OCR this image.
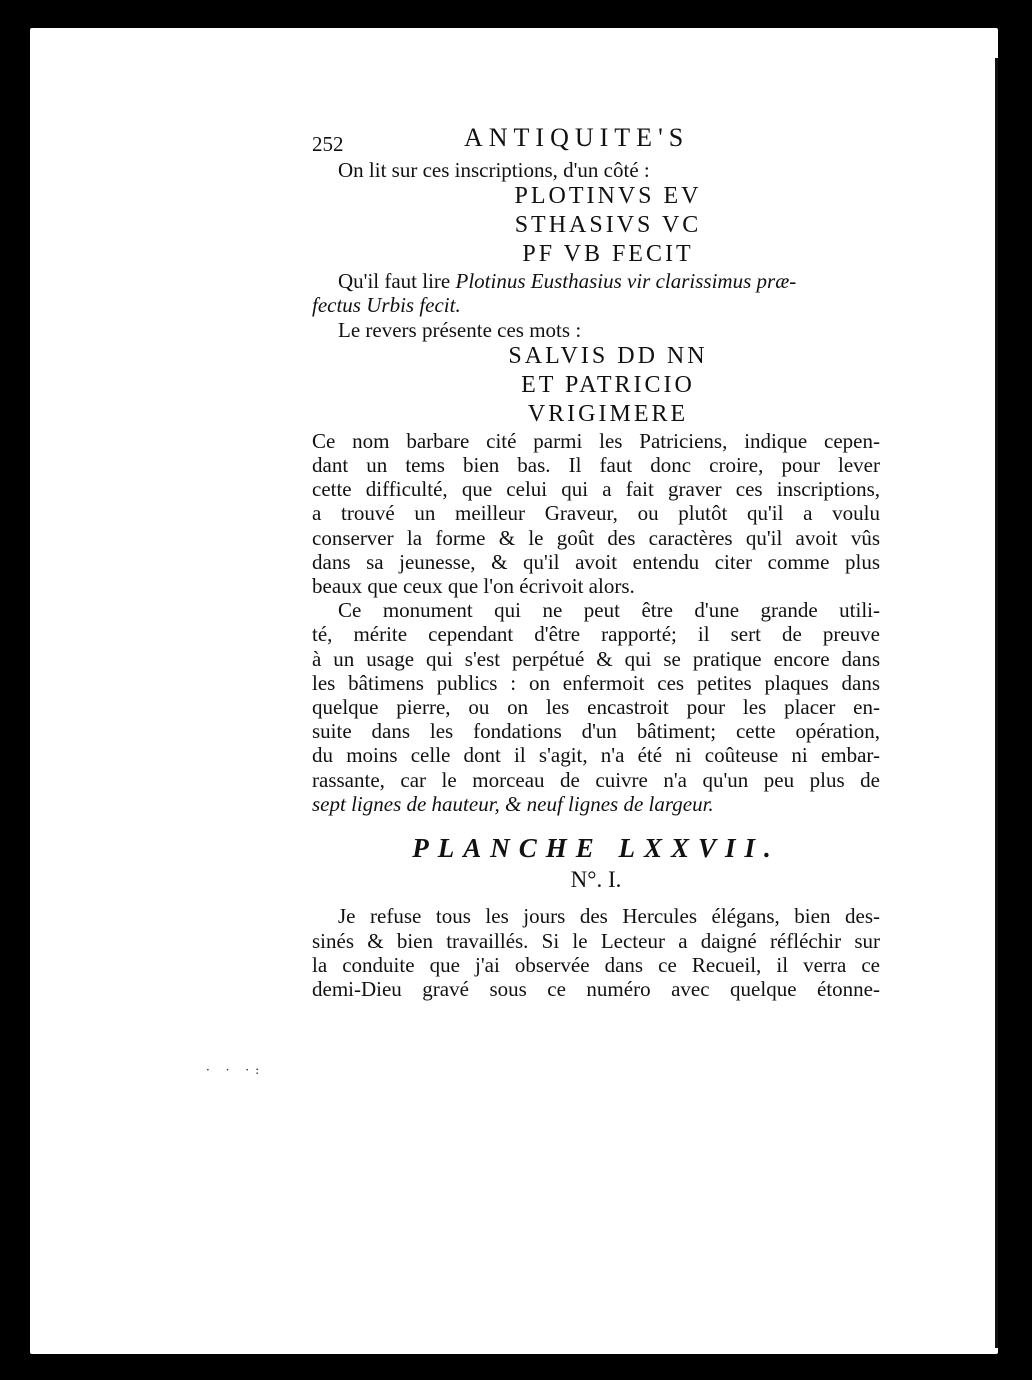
· · ·:
252	ANTIQUITE'S
On lit sur ces inscriptions, d'un côté :
PLOTINVS EV
STHASIVS VC
PF VB FECIT
Qu'il faut lire Plotinus Eusthasius vir clarissimus præ-
fectus Urbis fecit.
Le revers présente ces mots :
SALVIS DD NN
ET PATRICIO
VRIGIMERE
Ce nom barbare cité parmi les Patriciens, indique cepen-
dant un tems bien bas. Il faut donc croire, pour lever
cette difficulté, que celui qui a fait graver ces inscriptions,
a trouvé un meilleur Graveur, ou plutôt qu'il a voulu
conserver la forme & le goût des caractères qu'il avoit vûs
dans sa jeunesse, & qu'il avoit entendu citer comme plus
beaux que ceux que l'on écrivoit alors.
Ce monument qui ne peut être d'une grande utili-
té, mérite cependant d'être rapporté; il sert de preuve
à un usage qui s'est perpétué & qui se pratique encore dans
les bâtimens publics : on enfermoit ces petites plaques dans
quelque pierre, ou on les encastroit pour les placer en-
suite dans les fondations d'un bâtiment; cette opération,
du moins celle dont il s'agit, n'a été ni coûteuse ni embar-
rassante, car le morceau de cuivre n'a qu'un peu plus de
sept lignes de hauteur, & neuf lignes de largeur.
PLANCHE LXXVII.
N°. I.
Je refuse tous les jours des Hercules élégans, bien des-
sinés & bien travaillés. Si le Lecteur a daigné réfléchir sur
la conduite que j'ai observée dans ce Recueil, il verra ce
demi-Dieu gravé sous ce numéro avec quelque étonne-
